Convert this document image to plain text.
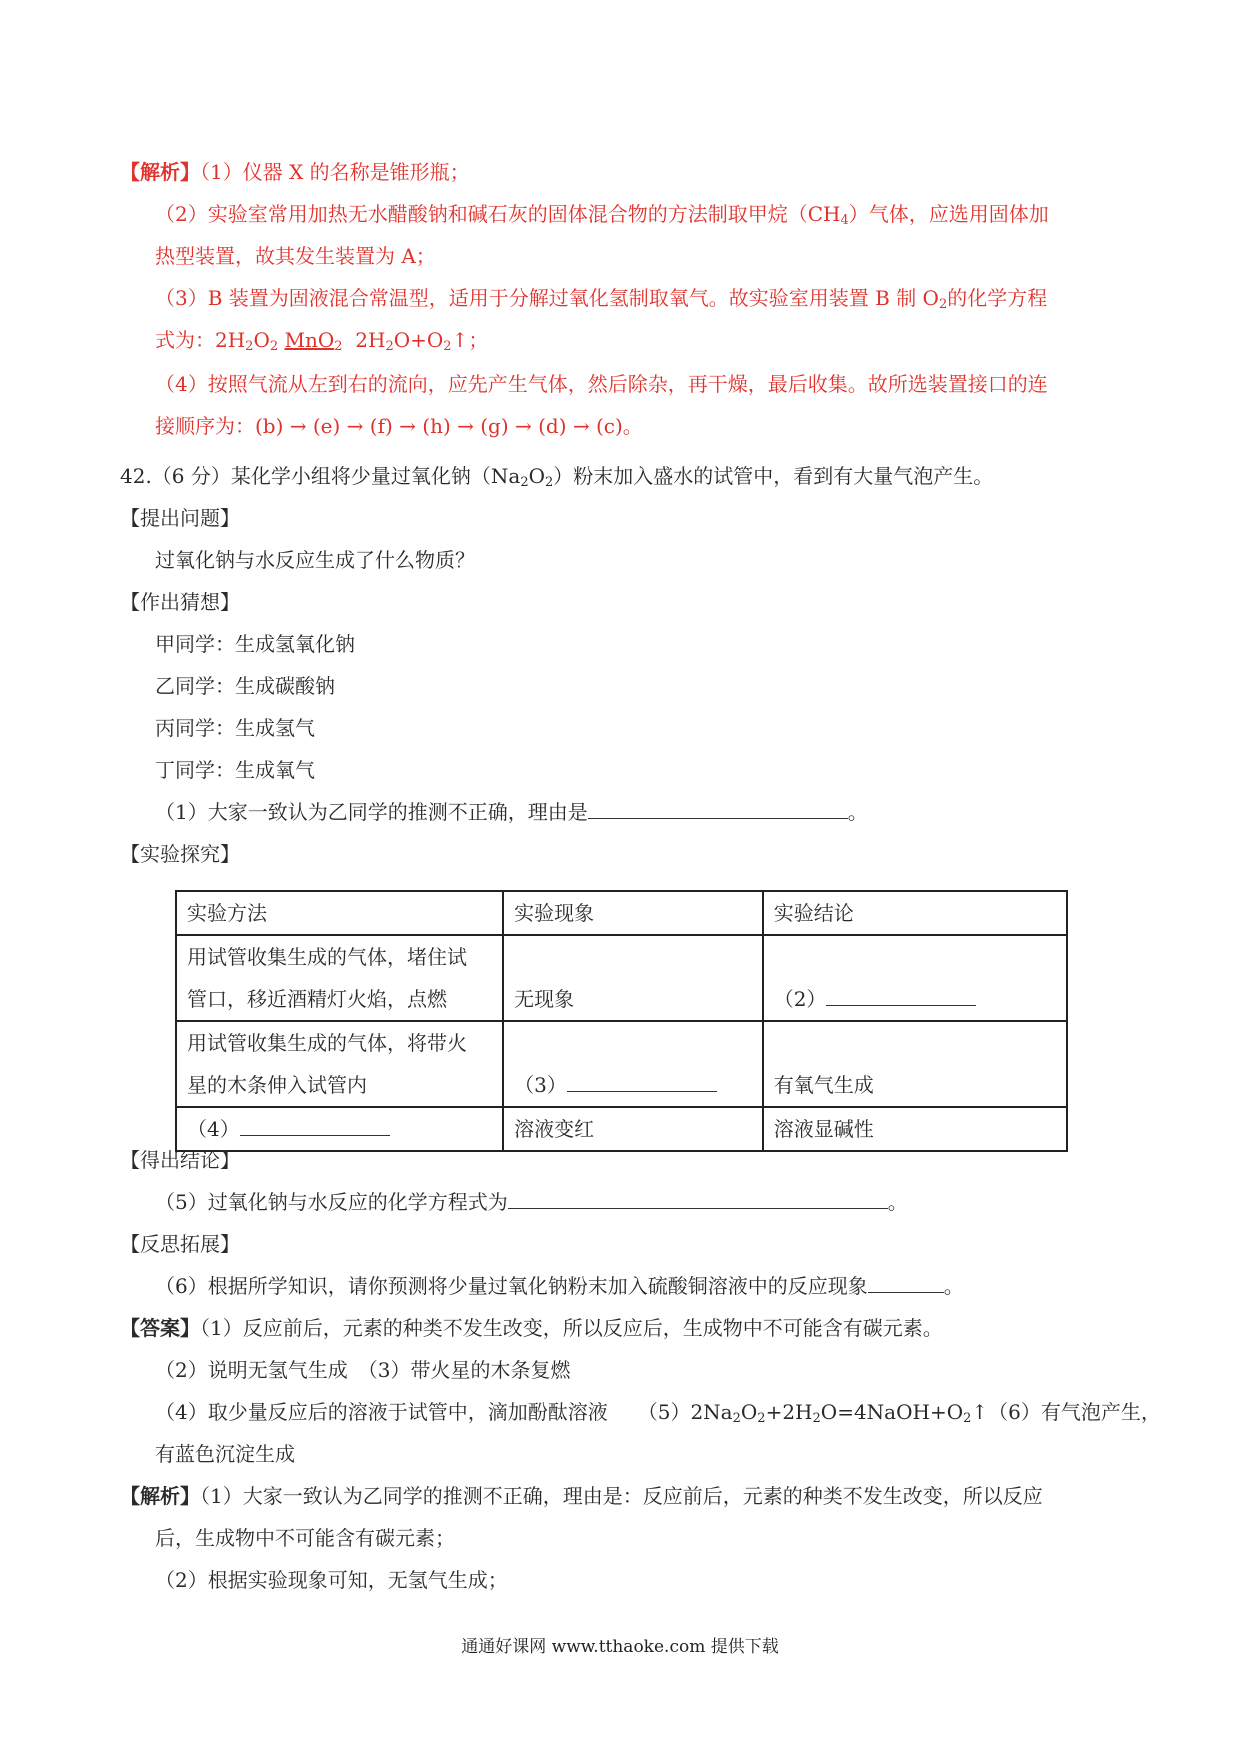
【解析】（1）仪器 X 的名称是锥形瓶；
（2）实验室常用加热无水醋酸钠和碱石灰的固体混合物的方法制取甲烷$(CH_4)$气体，应选用固体加
热型装置，故其发生装置为 A；
（3）B 装置为固液混合常温型，适用于分解过氧化氢制取氧气。故实验室用装置 B 制 $O_2$的化学方程
式为：$2H_2O_2$ MnO$_2$ $2H_2O+O_2↑$；
（4）按照气流从左到右的流向，应先产生气体，然后除杂，再干燥，最后收集。故所选装置接口的连
接顺序为：(b) → (e) → (f) → (h) → (g) → (d) → (c)。
42.（6 分）某化学小组将少量过氧化钠$(Na_2O_2)$粉末加入盛水的试管中，看到有大量气泡产生。
【提出问题】
过氧化钠与水反应生成了什么物质？
【作出猜想】
甲同学：生成氢氧化钠
乙同学：生成碳酸钠
丙同学：生成氢气
丁同学：生成氧气
（1）大家一致认为乙同学的推测不正确，理由是	。
【实验探究】
实验方法	实验现象	实验结论

用试管收集生成的气体，堵住试
管口，移近酒精灯火焰，点燃	无现象	（2）

用试管收集生成的气体，将带火
星的木条伸入试管内	（3）	有氧气生成
（4）	溶液变红	溶液显碱性
【得出结论】
（5）过氧化钠与水反应的化学方程式为	。
【反思拓展】
（6）根据所学知识，请你预测将少量过氧化钠粉末加入硫酸铜溶液中的反应现象	。
【答案】（1）反应前后，元素的种类不发生改变，所以反应后，生成物中不可能含有碳元素。
（2）说明无氢气生成　（3）带火星的木条复燃
（4）取少量反应后的溶液于试管中，滴加酚酞溶液　　$(5)2Na_2O_2+2H_2O=4NaOH+O_2↑(6)$有气泡产生，
有蓝色沉淀生成
【解析】（1）大家一致认为乙同学的推测不正确，理由是：反应前后，元素的种类不发生改变，所以反应
后，生成物中不可能含有碳元素；
（2）根据实验现象可知，无氢气生成；
通通好课网 www.tthaoke.com 提供下载
